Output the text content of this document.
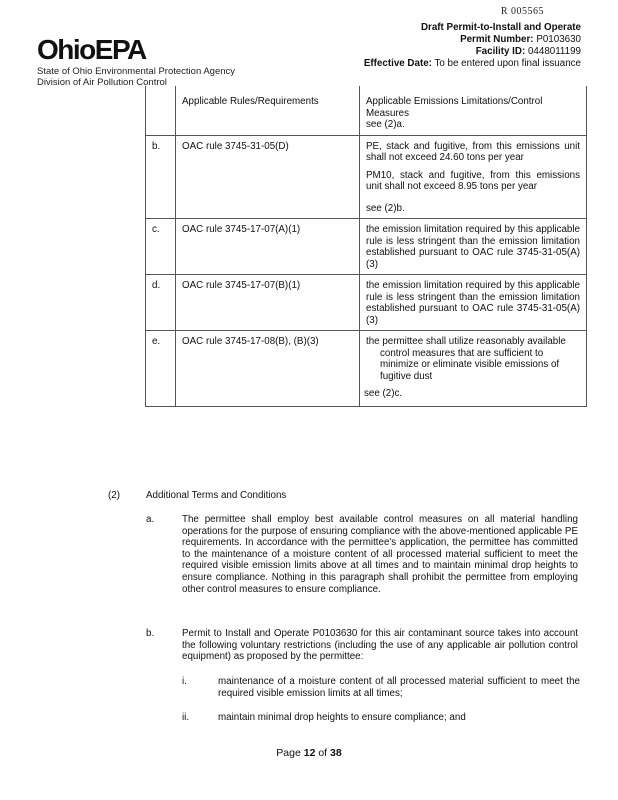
R 005565
OhioEPA
State of Ohio Environmental Protection Agency
Division of Air Pollution Control
Draft Permit-to-Install and Operate
Permit Number: P0103630
Facility ID: 0448011199
Effective Date: To be entered upon final issuance
	Applicable Rules/Requirements	Applicable Emissions Limitations/Control Measures
see (2)a.

b.	OAC rule 3745-31-05(D)	PE, stack and fugitive, from this emissions unit shall not exceed 24.60 tons per year

PM10, stack and fugitive, from this emissions unit shall not exceed 8.95 tons per year

see (2)b.

c.	OAC rule 3745-17-07(A)(1)	the emission limitation required by this applicable rule is less stringent than the emission limitation established pursuant to OAC rule 3745-31-05(A)(3)

d.	OAC rule 3745-17-07(B)(1)	the emission limitation required by this applicable rule is less stringent than the emission limitation established pursuant to OAC rule 3745-31-05(A)(3)

e.	OAC rule 3745-17-08(B), (B)(3)	the permittee shall utilize reasonably available control measures that are sufficient to minimize or eliminate visible emissions of fugitive dust

see (2)c.

(2)	Additional Terms and Conditions
a.	The permittee shall employ best available control measures on all material handling operations for the purpose of ensuring compliance with the above-mentioned applicable PE requirements. In accordance with the permittee's application, the permittee has committed to the maintenance of a moisture content of all processed material sufficient to meet the required visible emission limits above at all times and to maintain minimal drop heights to ensure compliance. Nothing in this paragraph shall prohibit the permittee from employing other control measures to ensure compliance.
b.	Permit to Install and Operate P0103630 for this air contaminant source takes into account the following voluntary restrictions (including the use of any applicable air pollution control equipment) as proposed by the permittee:
i.	maintenance of a moisture content of all processed material sufficient to meet the required visible emission limits at all times;
ii.	maintain minimal drop heights to ensure compliance; and
Page 12 of 38
